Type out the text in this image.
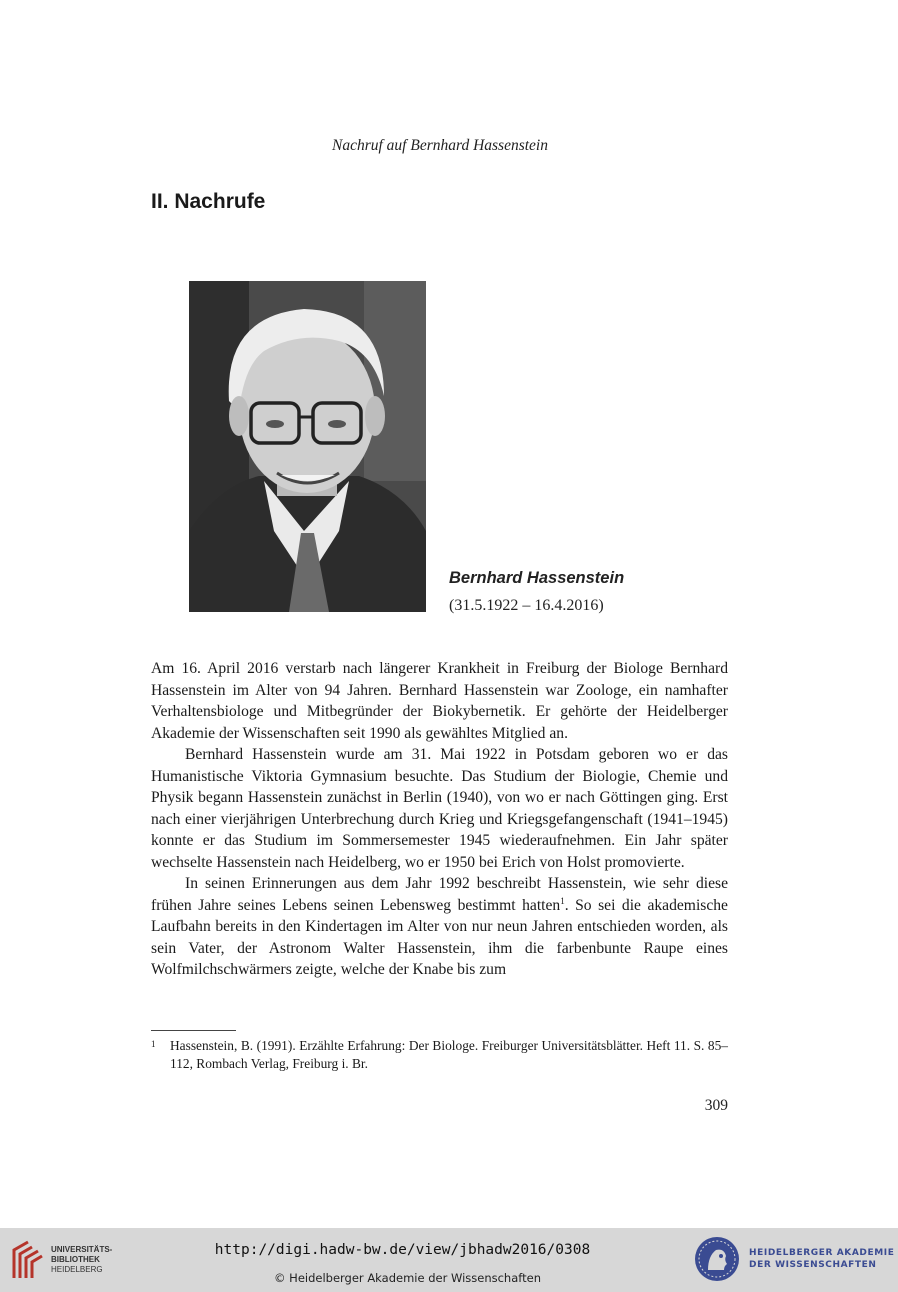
Nachruf auf Bernhard Hassenstein
II. Nachrufe
Bernhard Hassenstein
(31.5.1922 – 16.4.2016)

Am 16. April 2016 verstarb nach längerer Krankheit in Freiburg der Biologe Bernhard Hassenstein im Alter von 94 Jahren. Bernhard Hassenstein war Zoologe, ein namhafter Verhaltensbiologe und Mitbegründer der Biokybernetik. Er gehörte der Heidelberger Akademie der Wissenschaften seit 1990 als gewähltes Mitglied an.

Bernhard Hassenstein wurde am 31. Mai 1922 in Potsdam geboren wo er das Humanistische Viktoria Gymnasium besuchte. Das Studium der Biologie, Chemie und Physik begann Hassenstein zunächst in Berlin (1940), von wo er nach Göttingen ging. Erst nach einer vierjährigen Unterbrechung durch Krieg und Kriegsgefangenschaft (1941–1945) konnte er das Studium im Sommersemester 1945 wiederaufnehmen. Ein Jahr später wechselte Hassenstein nach Heidelberg, wo er 1950 bei Erich von Holst promovierte.

In seinen Erinnerungen aus dem Jahr 1992 beschreibt Hassenstein, wie sehr diese frühen Jahre seines Lebens seinen Lebensweg bestimmt hatten$^1$. So sei die akademische Laufbahn bereits in den Kindertagen im Alter von nur neun Jahren entschieden worden, als sein Vater, der Astronom Walter Hassenstein, ihm die farbenbunte Raupe eines Wolfmilchschwärmers zeigte, welche der Knabe bis zum

1 Hassenstein, B. (1991). Erzählte Erfahrung: Der Biologe. Freiburger Universitätsblätter. Heft 11. S. 85–112, Rombach Verlag, Freiburg i. Br.
309
UNIVERSITÄTS-
BIBLIOTHEK
HEIDELBERG
http://digi.hadw-bw.de/view/jbhadw2016/0308
© Heidelberger Akademie der Wissenschaften
HEIDELBERGER AKADEMIE
DER WISSENSCHAFTEN
